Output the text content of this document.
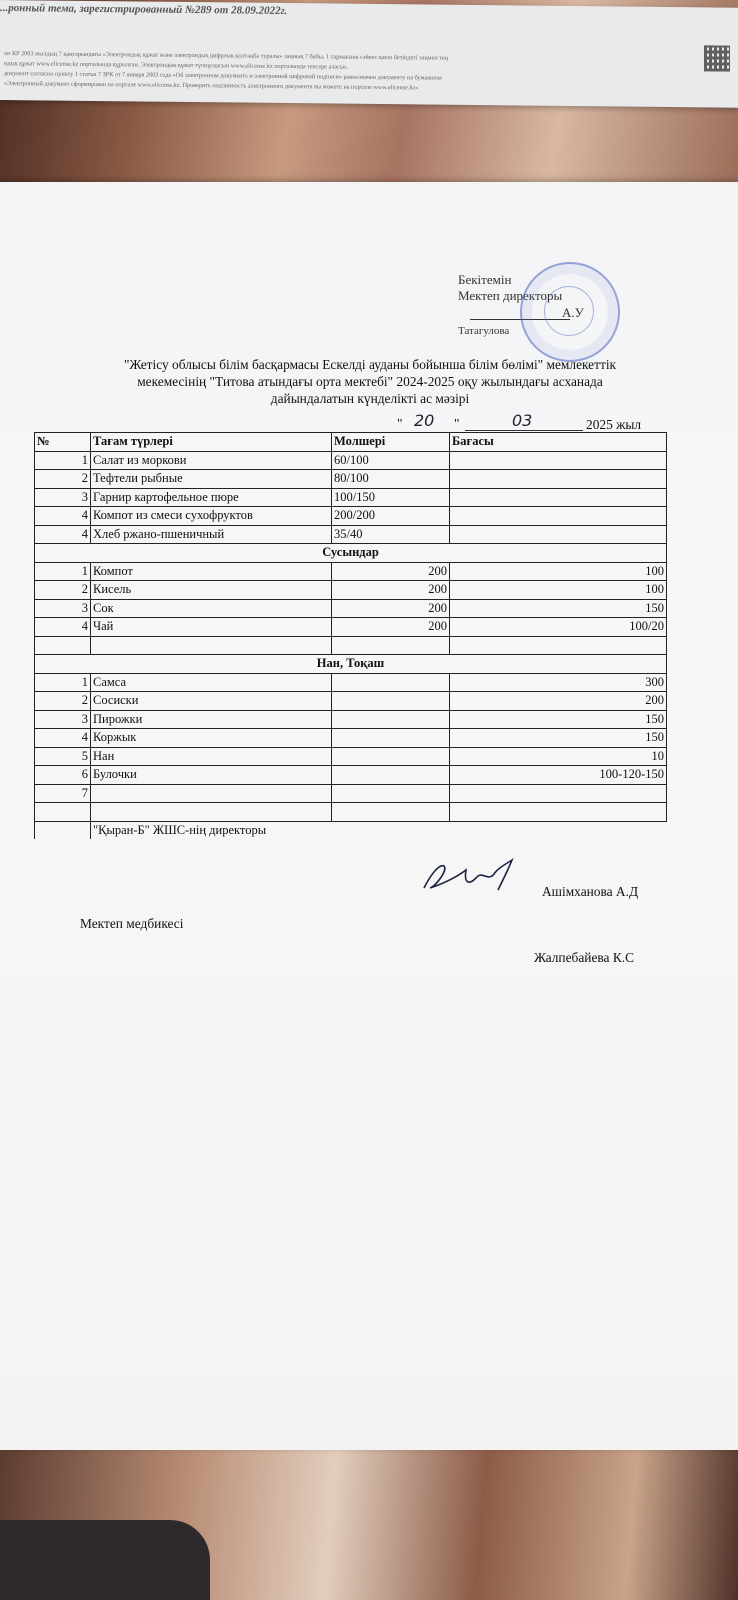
...ронный тема, зарегистрированный №289 от 28.09.2022г.
он КР 2003 жылдың 7 қаңтарындағы «Электрондық құжат және электрондық цифрлық қолтаңба туралы» заңның 7 бабы, 1 тармағына сәйкес қағаз бетіндегі заңмен тең
ндық құжат www.elicense.kz порталында құрылған. Электрондық құжат түпнұсқасын www.elicense.kz порталында тексере аласыз.
документ согласно пункту 1 статьи 7 ЗРК от 7 января 2003 года «Об электронном документе и электронной цифровой подписи» равнозначен документу на бумажном
«Электронный документ сформирован на портале www.elicense.kz. Проверить подлинность электронного документа вы можете на портале www.elicense.kz»
Бекітемін
Мектеп директоры
А.У
Татагулова
"Жетісу облысы білім басқармасы Ескелді ауданы бойынша білім бөлімі" мемлекеттік
мекемесінің "Титова атындағы орта мектебі" 2024-2025 оқу жылындағы асханада
дайындалатын күнделікті ас мәзірі
" 20 "	03	2025 жыл
№	Тағам түрлері	Молшері	Бағасы
1	Салат из моркови	60/100	
2	Тефтели рыбные	80/100	
3	Гарнир картофельное пюре	100/150	
4	Компот из смеси сухофруктов	200/200	
4	Хлеб ржано-пшеничный	35/40	
Сусындар			
1	Компот	200	100
2	Кисель	200	100
3	Сок	200	150
4	Чай	200	100/20

Нан, Тоқаш			
1	Самса		300
2	Сосиски		200
3	Пирожки		150
4	Коржык		150
5	Нан		10
6	Булочки		100-120-150
7			

	"Қыран-Б" ЖШС-нің директоры		
Ашімханова А.Д
Мектеп медбикесі
Жалпебайева К.С
